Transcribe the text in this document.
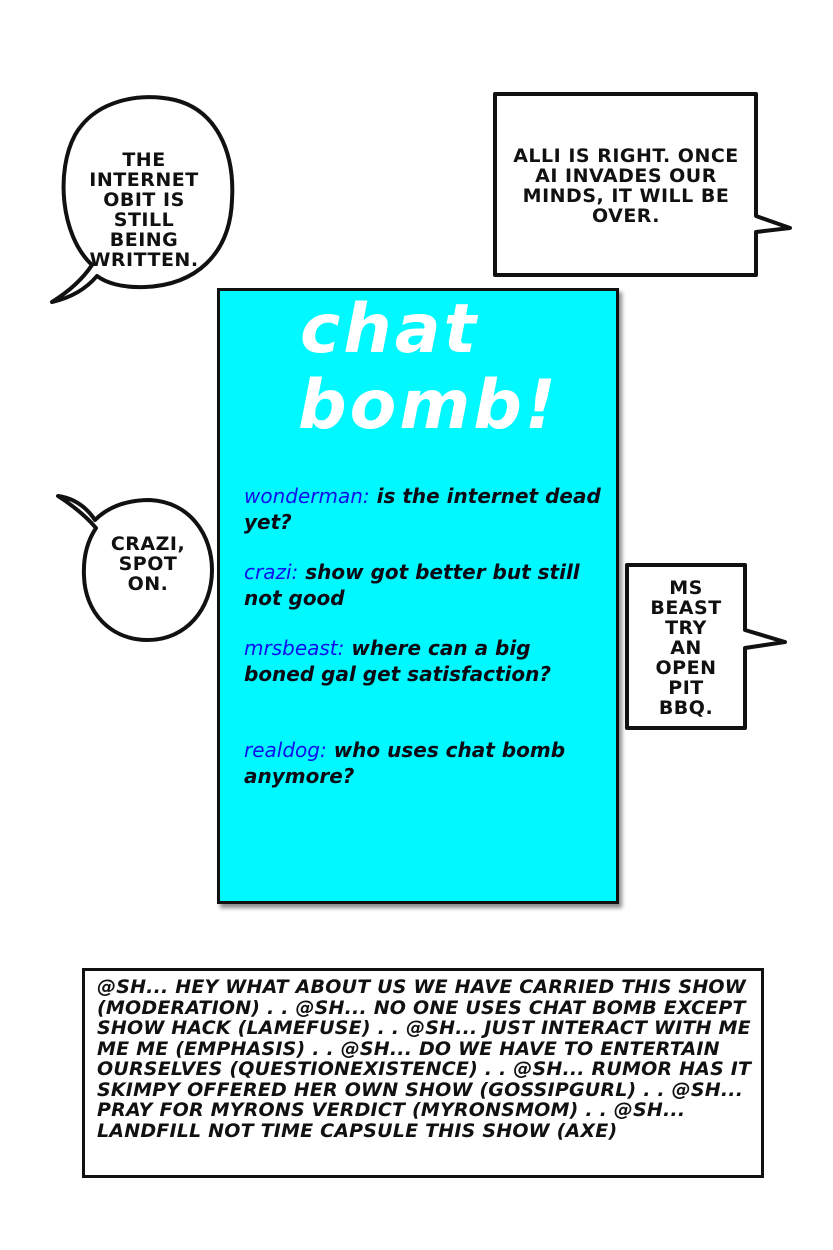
THE INTERNET OBIT IS STILL BEING WRITTEN.
ALLI IS RIGHT. ONCE AI INVADES OUR MINDS, IT WILL BE OVER.
CRAZI, SPOT ON.	MS BEAST TRY AN OPEN PIT BBQ.
chat
bomb!
wonderman: is the internet dead yet?
crazi: show got better but still not good
mrsbeast: where can a big boned gal get satisfaction?
realdog: who uses chat bomb anymore?
@SH... HEY WHAT ABOUT US WE HAVE CARRIED THIS SHOW (MODERATION) . . @SH... NO ONE USES CHAT BOMB EXCEPT SHOW HACK (LAMEFUSE) . . @SH... JUST INTERACT WITH ME ME ME (EMPHASIS) . . @SH... DO WE HAVE TO ENTERTAIN OURSELVES (QUESTIONEXISTENCE) . . @SH... RUMOR HAS IT SKIMPY OFFERED HER OWN SHOW (GOSSIPGURL) . . @SH... PRAY FOR MYRONS VERDICT (MYRONSMOM) . . @SH... LANDFILL NOT TIME CAPSULE THIS SHOW (AXE)
